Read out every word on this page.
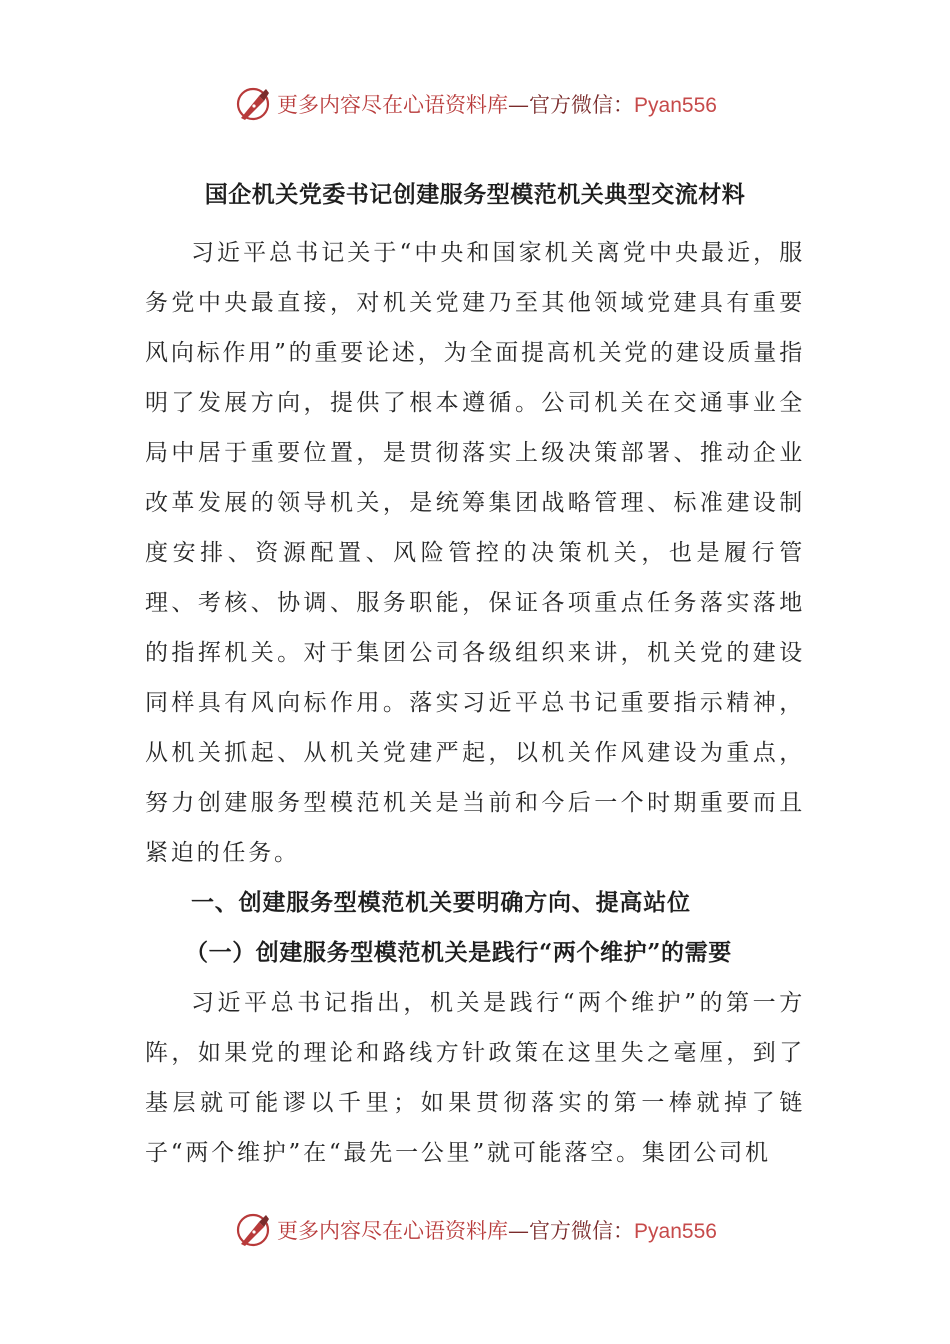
更多内容尽在心语资料库—官方微信：Pyan556
国企机关党委书记创建服务型模范机关典型交流材料

习近平总书记关于“中央和国家机关离党中央最近，服务党中央最直接，对机关党建乃至其他领域党建具有重要风向标作用”的重要论述，为全面提高机关党的建设质量指明了发展方向，提供了根本遵循。公司机关在交通事业全局中居于重要位置，是贯彻落实上级决策部署、推动企业改革发展的领导机关，是统筹集团战略管理、标准建设制度安排、资源配置、风险管控的决策机关，也是履行管理、考核、协调、服务职能，保证各项重点任务落实落地的指挥机关。对于集团公司各级组织来讲，机关党的建设同样具有风向标作用。落实习近平总书记重要指示精神，从机关抓起、从机关党建严起，以机关作风建设为重点，努力创建服务型模范机关是当前和今后一个时期重要而且紧迫的任务。

一、创建服务型模范机关要明确方向、提高站位

（一）创建服务型模范机关是践行“两个维护”的需要

习近平总书记指出，机关是践行“两个维护”的第一方阵，如果党的理论和路线方针政策在这里失之毫厘，到了基层就可能谬以千里；如果贯彻落实的第一棒就掉了链子“两个维护”在“最先一公里”就可能落空。集团公司机

更多内容尽在心语资料库—官方微信：Pyan556
